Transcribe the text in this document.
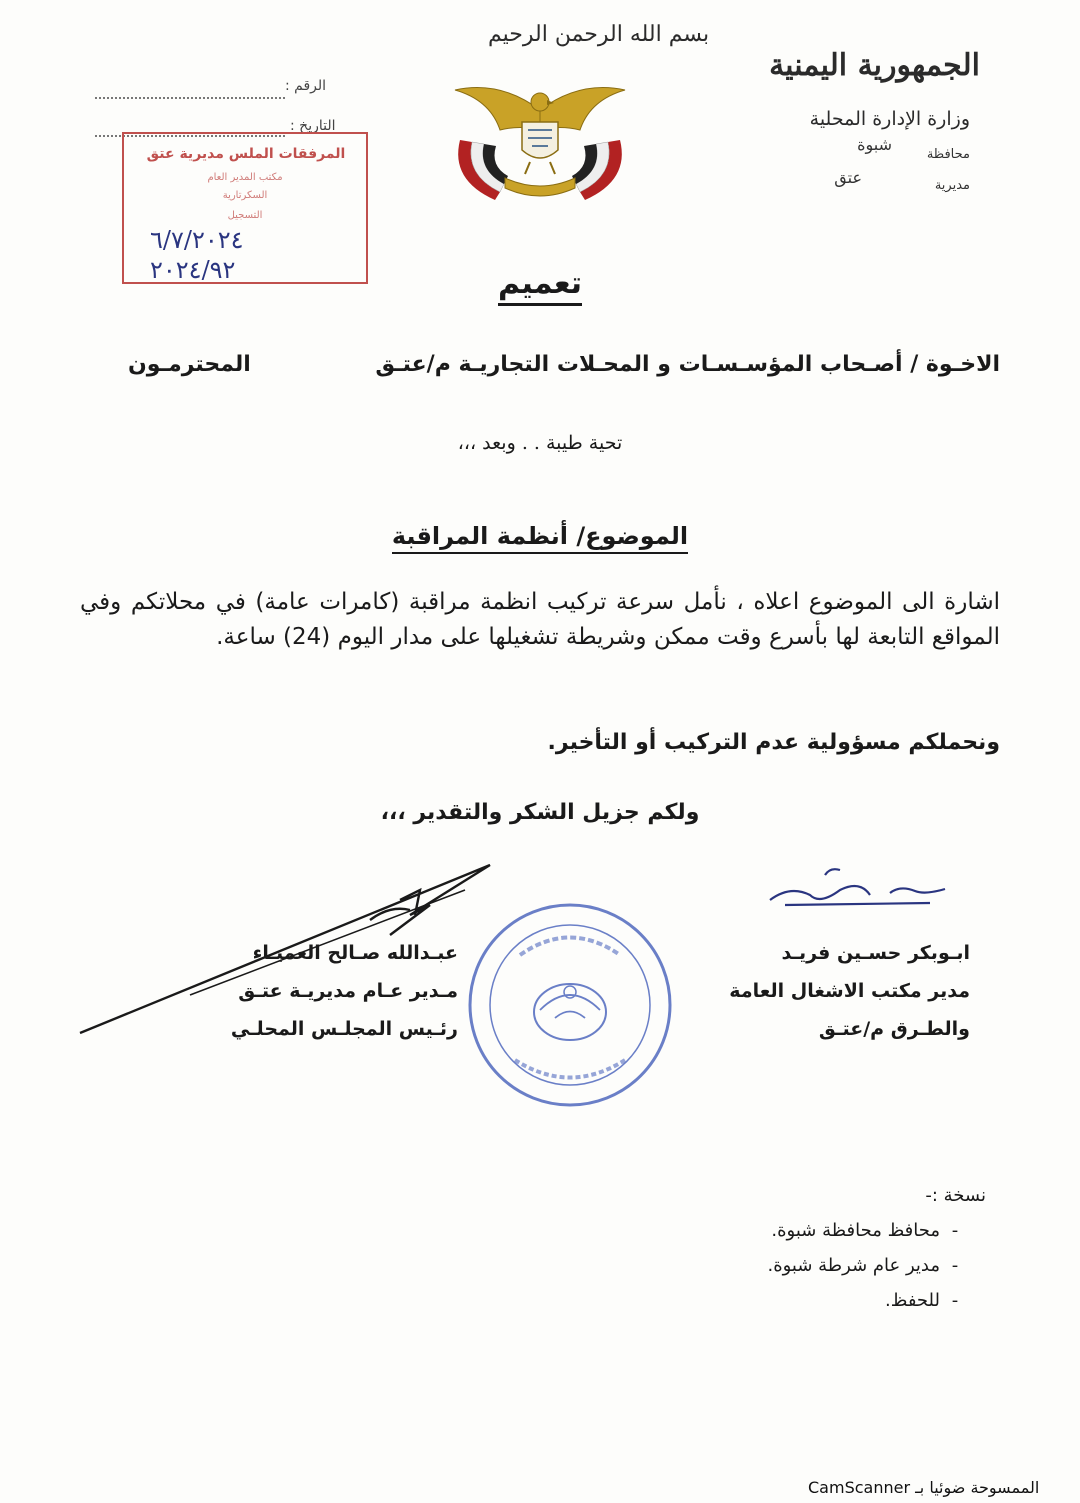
الجمهورية اليمنية
وزارة الإدارة المحلية
محافظة
شبوة
مديرية
عتق
بسم الله الرحمن الرحيم
الرقم :
التاريخ :
المرفقات الملس مديرية عتق
مكتب المدير العام
السكرتارية
التسجيل
٦/٧/٢٠٢٤
٢٠٢٤/٩٢	تعميم
الاخـوة / أصـحاب المؤسـسـات و المحـلات التجاريـة م/عتـق
المحترمـون
تحية طيبة . . وبعد ،،،
الموضوع/ أنظمة المراقبة
اشارة الى الموضوع اعلاه ، نأمل سرعة تركيب انظمة مراقبة (كامرات عامة) في محلاتكم وفي المواقع التابعة لها بأسرع وقت ممكن وشريطة تشغيلها على مدار اليوم (24) ساعة.
ونحملكم مسؤولية عدم التركيب أو التأخير.
ولكم جزيل الشكر والتقدير ،،،
ابـوبكر حسـين فريـد
مدير مكتب الاشغال العامة
والطـرق م/عتـق
عبـدالله صـالح العميـاء
مـدير عـام مديريـة عتـق
رئـيس المجلـس المحلـي
نسخة :-
-محافظ محافظة شبوة.
-مدير عام شرطة شبوة.
-للحفظ.
الممسوحة ضوئيا بـ CamScanner
